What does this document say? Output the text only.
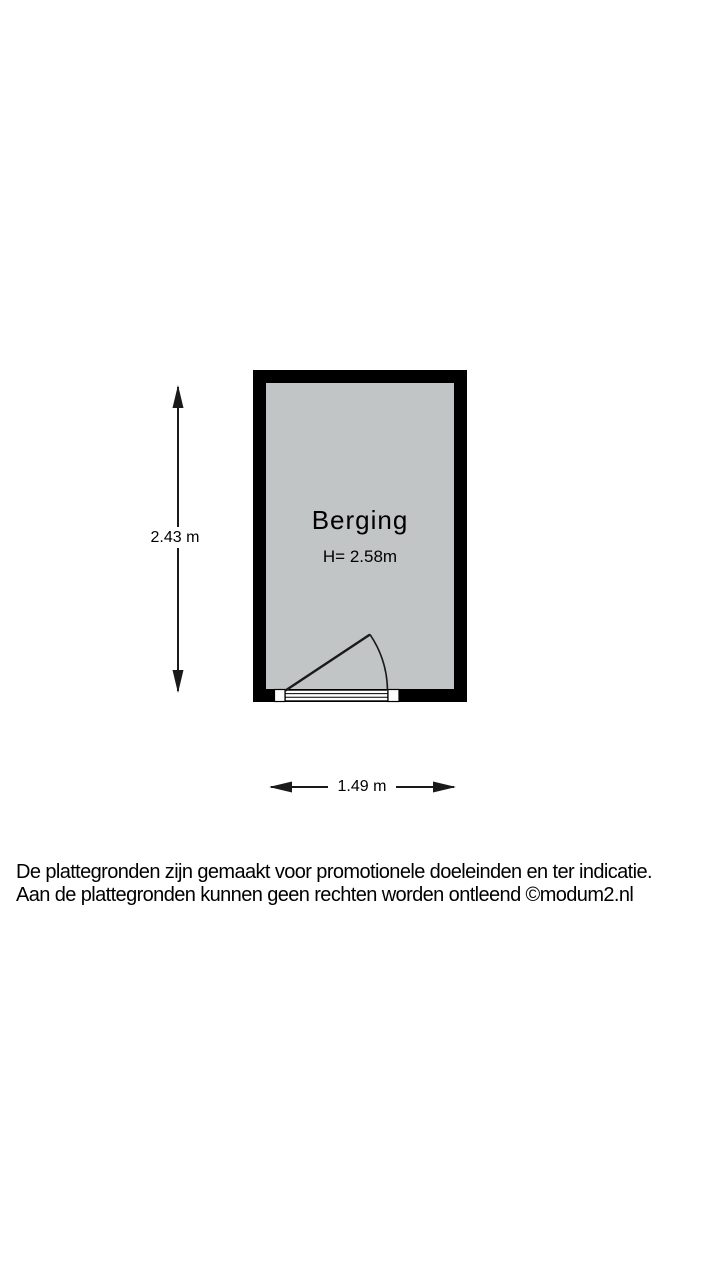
Berging
H= 2.58m
2.43 m
1.49 m
De plattegronden zijn gemaakt voor promotionele doeleinden en ter indicatie.
Aan de plattegronden kunnen geen rechten worden ontleend ©modum2.nl
